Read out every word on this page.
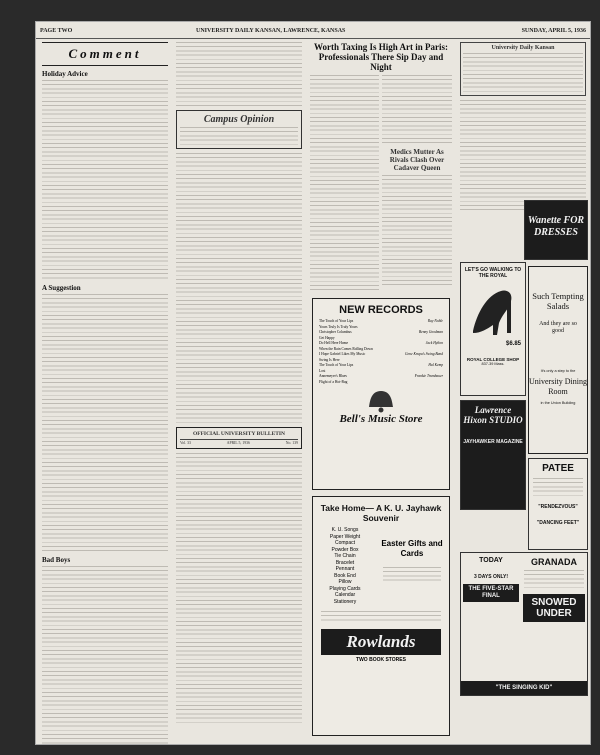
PAGE TWO	UNIVERSITY DAILY KANSAN, LAWRENCE, KANSAS	SUNDAY, APRIL 5, 1936
Comment
Holiday Advice
A Suggestion
Bad Boys
Campus Opinion
OFFICIAL UNIVERSITY BULLETIN
Vol. 33	APRIL 5, 1936	No. 139
Worth Taxing Is High Art in Paris: Professionals There Sip Day and Night
Medics Mutter As Rivals Clash Over Cadaver Queen
NEW RECORDS
The Touch of Your Lips	Ray Noble
Yours Truly Is Truly Yours
Christopher Columbus	Benny Goodman
Get Happy
Do Hell Here Home	Jack Hylton
When the Rain Comes Rolling Down
I Hope Gabriel Likes My Music	Gene Krupa's Swing Band
Swing Is Here
The Touch of Your Lips	Hal Kemp
Lost
Annemeyer's Blues	Frankie Trumbauer
Flight of a Hot-Bug
Bell's Music Store
Take Home— A K. U. Jayhawk Souvenir
K. U. Songs
Paper Weight
Compact
Powder Box
Tie Chain
Bracelet
Pennant
Book End
Pillow
Playing Cards
Calendar
Stationery
Easter Gifts and Cards
Rowlands
TWO BOOK STORES
University Daily Kansan
LET'S GO WALKING TO THE ROYAL
$6.85
ROYAL COLLEGE SHOP
837-39 Mass.
Wanette FOR DRESSES
Lawrence Hixon STUDIO
JAYHAWKER MAGAZINE
Such Tempting Salads
And they are so good
It's only a step to the
University Dining Room
in the Union Building
PATEE
"RENDEZVOUS"
"DANCING FEET"
TODAY
3 DAYS ONLY!
THE FIVE-STAR FINAL
GRANADA
SNOWED UNDER
"THE SINGING KID"
